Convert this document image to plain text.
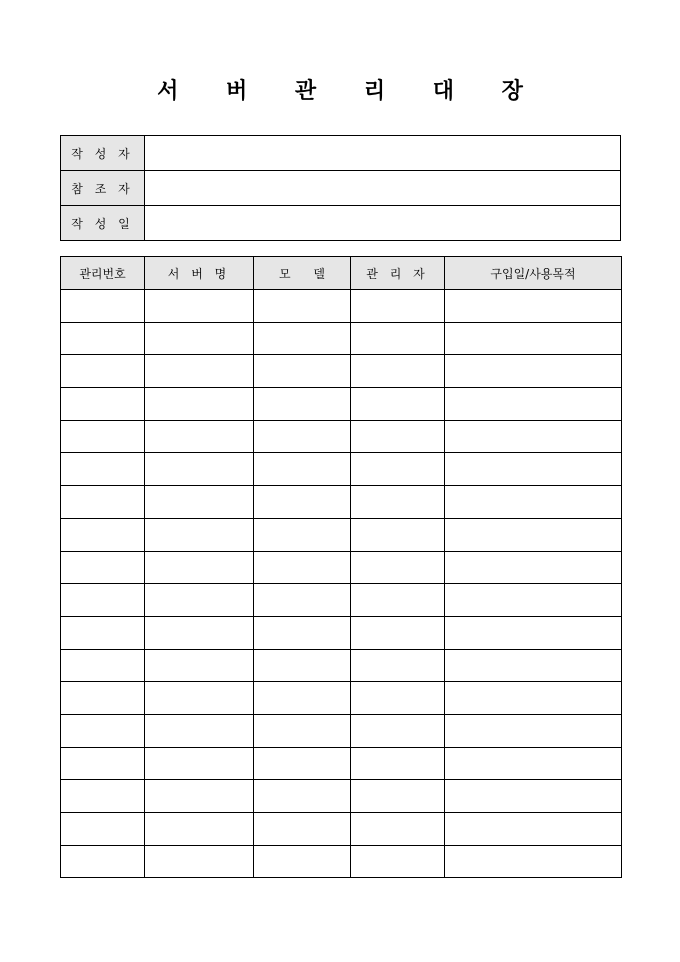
서 버 관 리 대 장
작 성 자	
참 조 자	
작 성 일	
관리번호	서 버 명	모      델	관 리 자	구입일/사용목적
